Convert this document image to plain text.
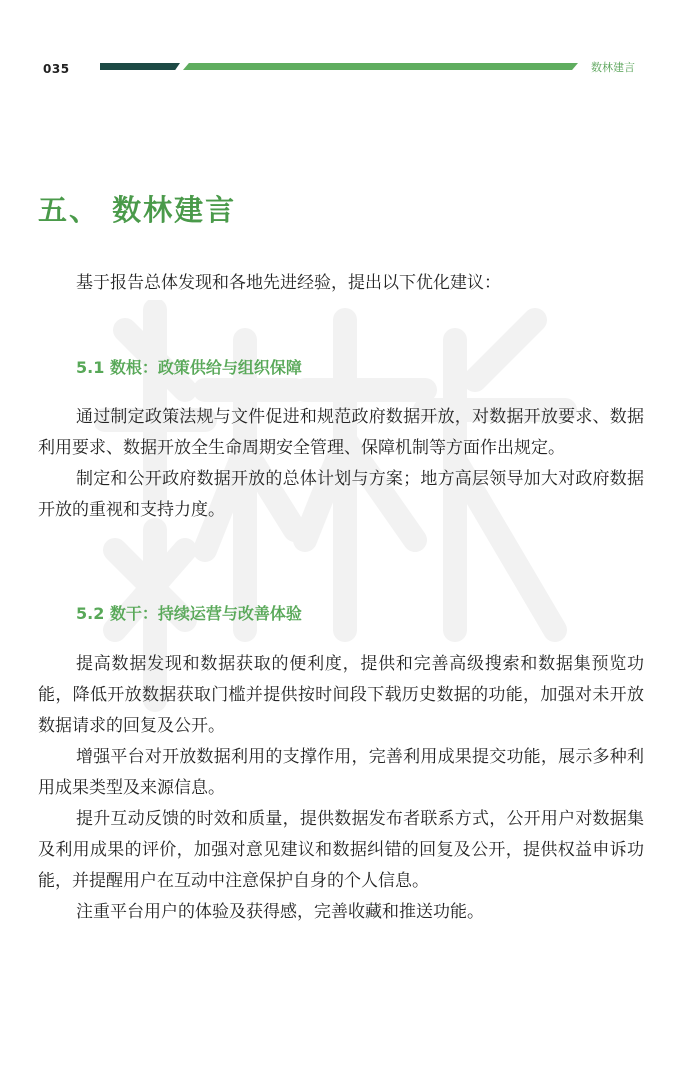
035	数林建言
五、 数林建言

基于报告总体发现和各地先进经验，提出以下优化建议：

5.1 数根：政策供给与组织保障

通过制定政策法规与文件促进和规范政府数据开放，对数据开放要求、数据利用要求、数据开放全生命周期安全管理、保障机制等方面作出规定。

制定和公开政府数据开放的总体计划与方案；地方高层领导加大对政府数据开放的重视和支持力度。

5.2 数干：持续运营与改善体验

提高数据发现和数据获取的便利度，提供和完善高级搜索和数据集预览功能，降低开放数据获取门槛并提供按时间段下载历史数据的功能，加强对未开放数据请求的回复及公开。

增强平台对开放数据利用的支撑作用，完善利用成果提交功能，展示多种利用成果类型及来源信息。

提升互动反馈的时效和质量，提供数据发布者联系方式，公开用户对数据集及利用成果的评价，加强对意见建议和数据纠错的回复及公开，提供权益申诉功能，并提醒用户在互动中注意保护自身的个人信息。

注重平台用户的体验及获得感，完善收藏和推送功能。
